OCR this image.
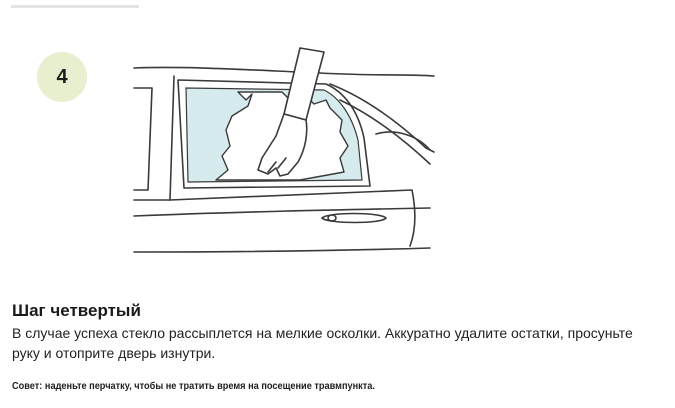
4
Шаг четвертый

В случае успеха стекло рассыплется на мелкие осколки. Аккуратно удалите остатки, просуньте руку и отоприте дверь изнутри.

Совет: наденьте перчатку, чтобы не тратить время на посещение травмпункта.
